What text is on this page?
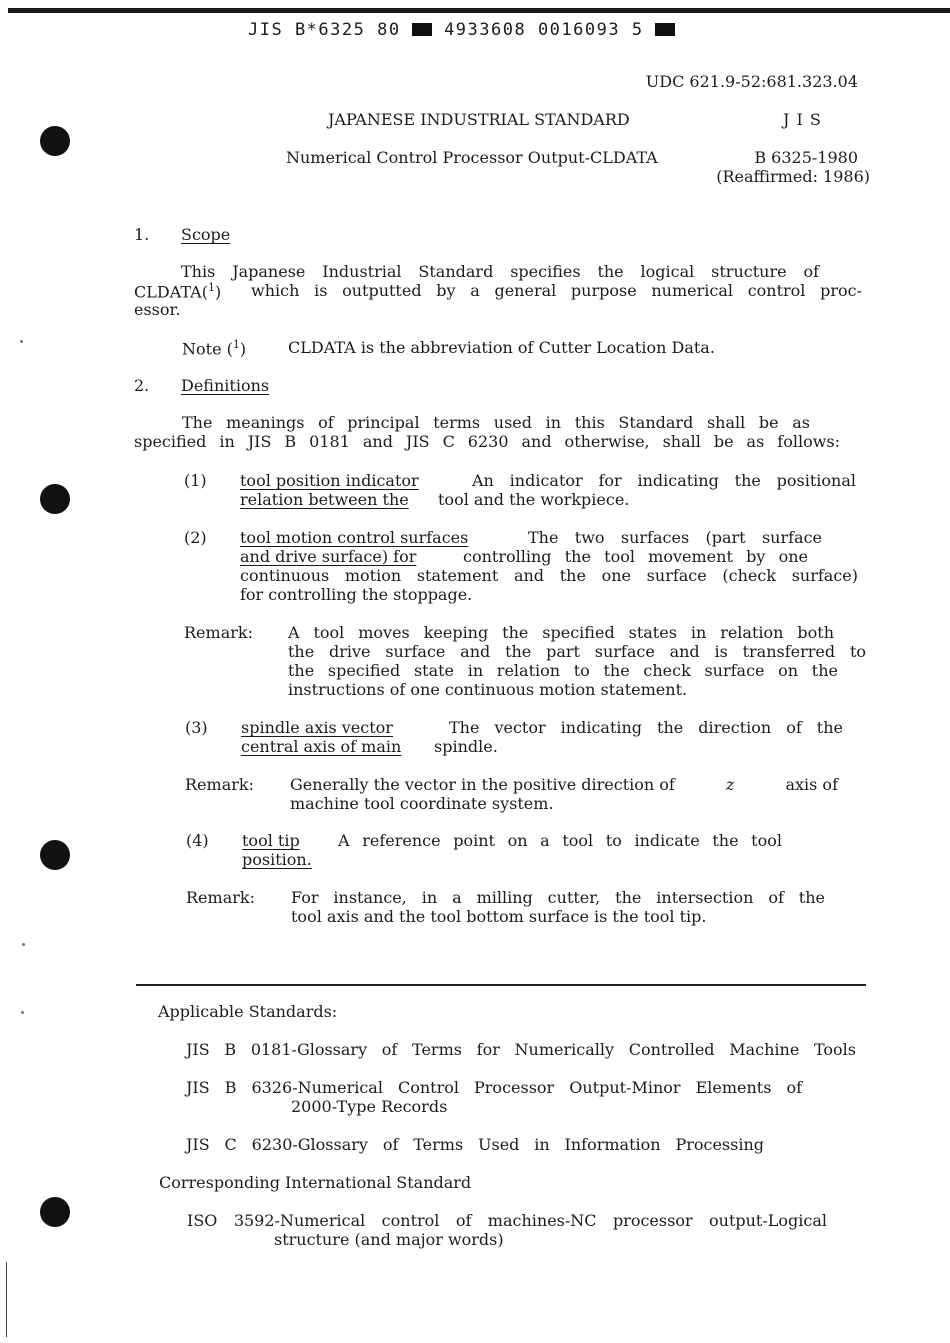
JIS B*6325 80	4933608 0016093 5
UDC 621.9-52:681.323.04
JAPANESE INDUSTRIAL STANDARD	J I S
Numerical Control Processor Output-CLDATA	B 6325-1980
(Reaffirmed: 1986)
1. Scope
This Japanese Industrial Standard specifies the logical structure of
CLDATA($^1$) which is outputted by a general purpose numerical control proc-
essor.
Note ($^1$)	CLDATA is the abbreviation of Cutter Location Data.
2. Definitions
The meanings of principal terms used in this Standard shall be as
specified in JIS B 0181 and JIS C 6230 and otherwise, shall be as follows:
(1) tool position indicator	An indicator for indicating the positional
relation between the tool and the workpiece.
(2) tool motion control surfaces	The two surfaces (part surface
and drive surface) for	controlling the tool movement by one
continuous motion statement and the one surface (check surface)
for controlling the stoppage.
Remark: A tool moves keeping the specified states in relation both
the drive surface and the part surface and is transferred to
the specified state in relation to the check surface on the
instructions of one continuous motion statement.
(3) spindle axis vector	The vector indicating the direction of the
central axis of main spindle.
Remark: Generally the vector in the positive direction of	z	axis of
machine tool coordinate system.
(4) tool tip A reference point on a tool to indicate the tool
position.
Remark: For instance, in a milling cutter, the intersection of the
tool axis and the tool bottom surface is the tool tip.
Applicable Standards:
JIS B 0181-Glossary of Terms for Numerically Controlled Machine Tools
JIS B 6326-Numerical Control Processor Output-Minor Elements of
2000-Type Records
JIS C 6230-Glossary of Terms Used in Information Processing
Corresponding International Standard
ISO 3592-Numerical control of machines-NC processor output-Logical
structure (and major words)
